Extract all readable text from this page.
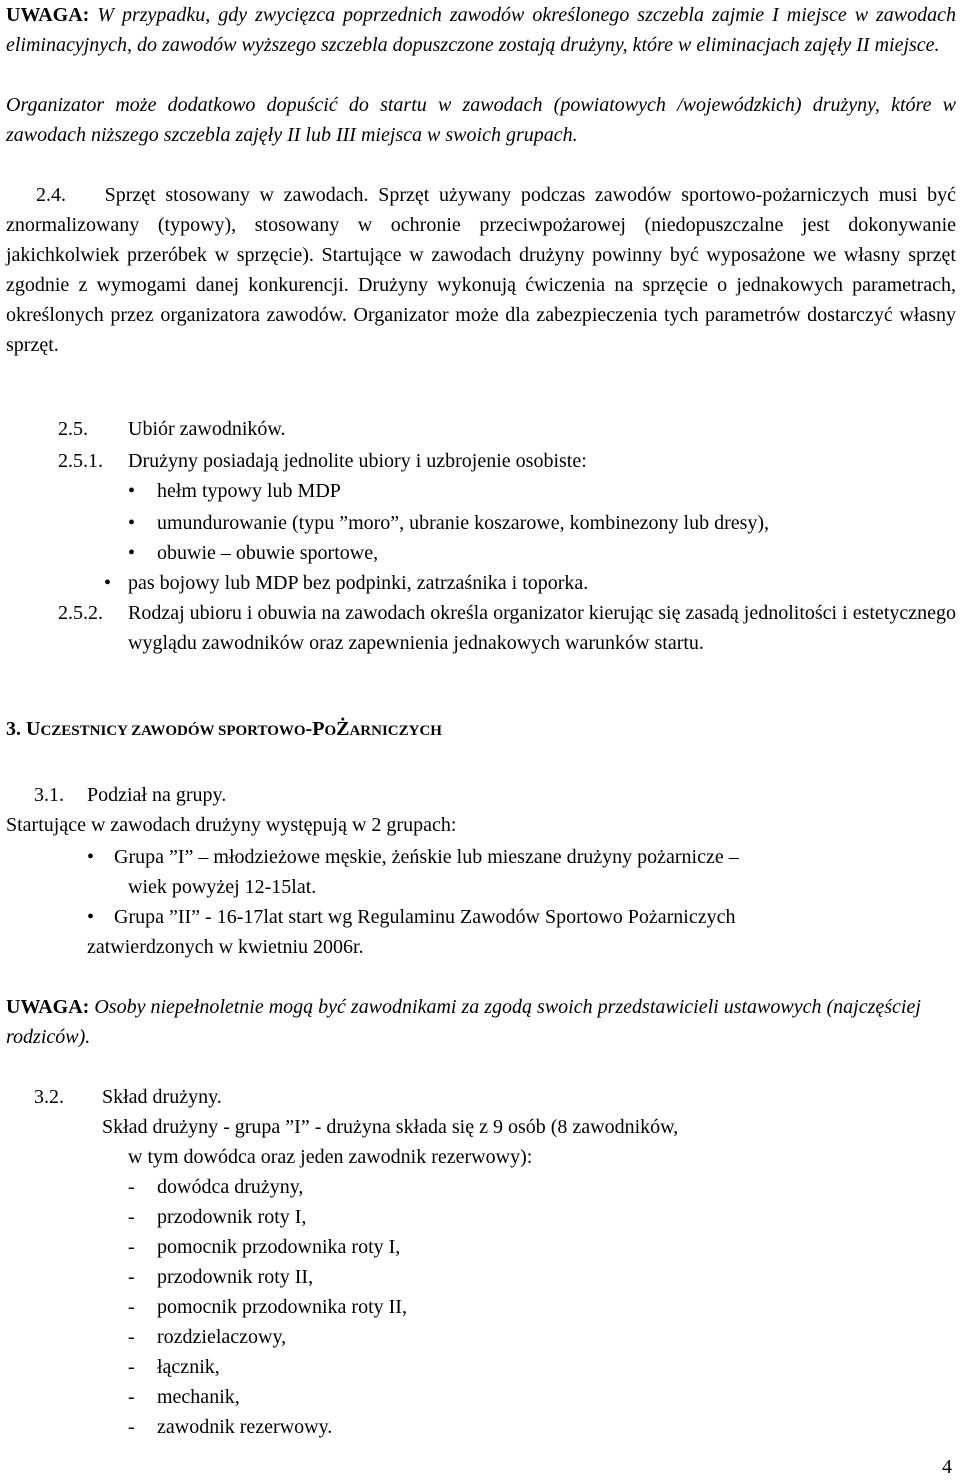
UWAGA: W przypadku, gdy zwycięzca poprzednich zawodów określonego szczebla zajmie I miejsce w zawodach eliminacyjnych, do zawodów wyższego szczebla dopuszczone zostają drużyny, które w eliminacjach zajęły II miejsce.

Organizator może dodatkowo dopuścić do startu w zawodach (powiatowych /wojewódzkich) drużyny, które w zawodach niższego szczebla zajęły II lub III miejsca w swoich grupach.

2.4. Sprzęt stosowany w zawodach. Sprzęt używany podczas zawodów sportowo-pożarniczych musi być znormalizowany (typowy), stosowany w ochronie przeciwpożarowej (niedopuszczalne jest dokonywanie jakichkolwiek przeróbek w sprzęcie). Startujące w zawodach drużyny powinny być wyposażone we własny sprzęt zgodnie z wymogami danej konkurencji. Drużyny wykonują ćwiczenia na sprzęcie o jednakowych parametrach, określonych przez organizatora zawodów. Organizator może dla zabezpieczenia tych parametrów dostarczyć własny sprzęt.

2.5. Ubiór zawodników.
2.5.1. Drużyny posiadają jednolite ubiory i uzbrojenie osobiste:
• hełm typowy lub MDP
• umundurowanie (typu ”moro”, ubranie koszarowe, kombinezony lub dresy),
• obuwie – obuwie sportowe,
• pas bojowy lub MDP bez podpinki, zatrzaśnika i toporka.
2.5.2. Rodzaj ubioru i obuwia na zawodach określa organizator kierując się zasadą jednolitości i estetycznego wyglądu zawodników oraz zapewnienia jednakowych warunków startu.

3. UCZESTNICY ZAWODÓW SPORTOWO-POŻARNICZYCH
3.1. Podział na grupy.
Startujące w zawodach drużyny występują w 2 grupach:
• Grupa ”I” – młodzieżowe męskie, żeńskie lub mieszane drużyny pożarnicze –
wiek powyżej 12-15lat.
• Grupa ”II” - 16-17lat start wg Regulaminu Zawodów Sportowo Pożarniczych
zatwierdzonych w kwietniu 2006r.

UWAGA: Osoby niepełnoletnie mogą być zawodnikami za zgodą swoich przedstawicieli ustawowych (najczęściej rodziców).

3.2. Skład drużyny.
Skład drużyny - grupa ”I” - drużyna składa się z 9 osób (8 zawodników,
w tym dowódca oraz jeden zawodnik rezerwowy):
- dowódca drużyny,
- przodownik roty I,
- pomocnik przodownika roty I,
- przodownik roty II,
- pomocnik przodownika roty II,
- rozdzielaczowy,
- łącznik,
- mechanik,
- zawodnik rezerwowy.
4
